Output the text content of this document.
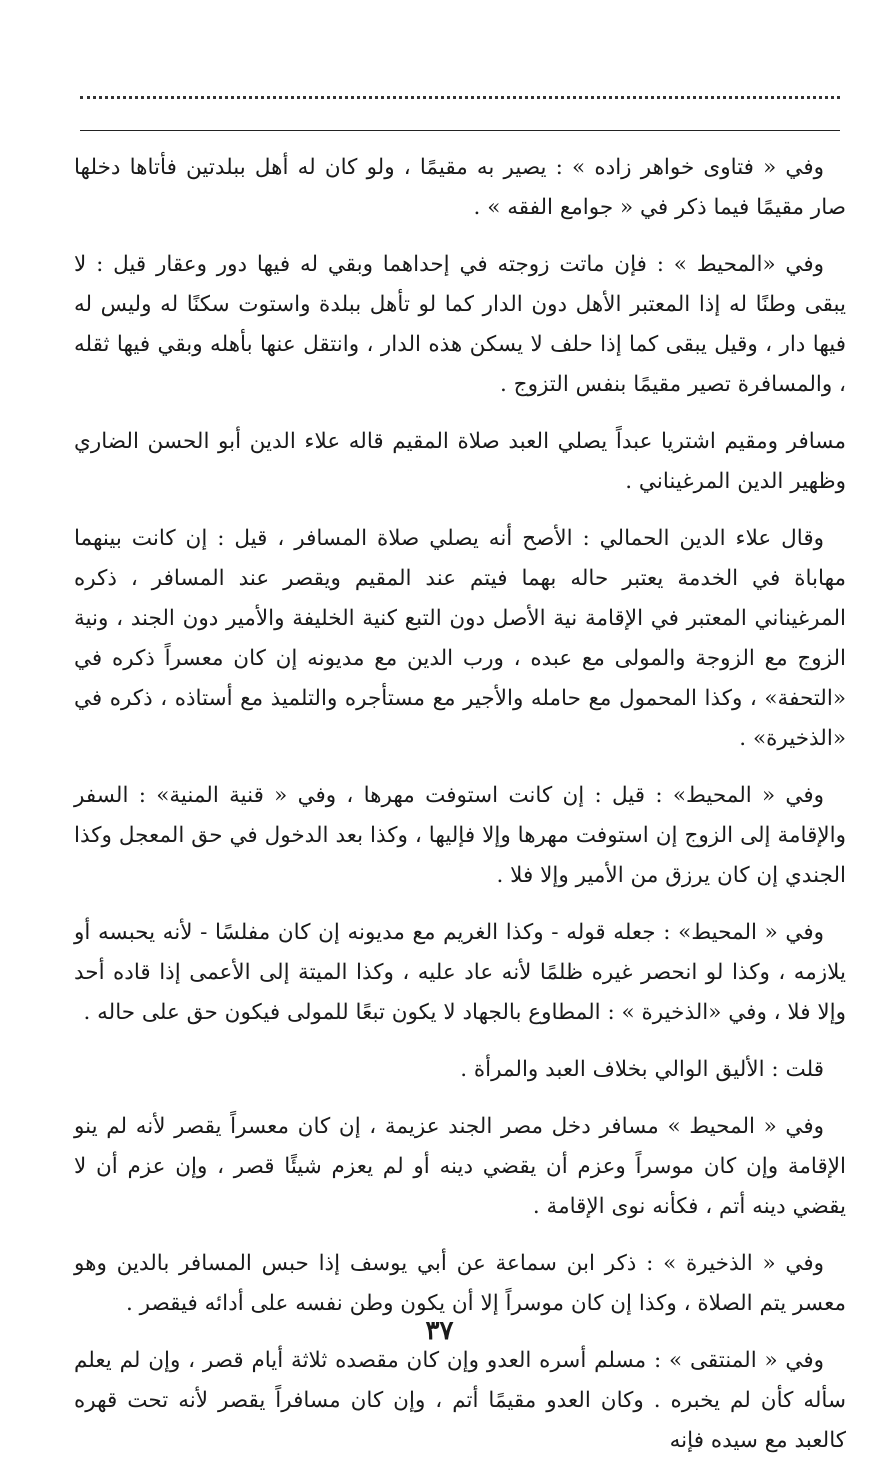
وفي « فتاوى خواهر زاده » : يصير به مقيمًا ، ولو كان له أهل ببلدتين فأتاها دخلها صار مقيمًا فيما ذكر في « جوامع الفقه » .

وفي «المحيط » : فإن ماتت زوجته في إحداهما وبقي له فيها دور وعقار قيل : لا يبقى وطنًا له إذا المعتبر الأهل دون الدار كما لو تأهل ببلدة واستوت سكنًا له وليس له فيها دار ، وقيل يبقى كما إذا حلف لا يسكن هذه الدار ، وانتقل عنها بأهله وبقي فيها ثقله ، والمسافرة تصير مقيمًا بنفس التزوج .

مسافر ومقيم اشتريا عبداً يصلي العبد صلاة المقيم قاله علاء الدين أبو الحسن الضاري وظهير الدين المرغيناني .

وقال علاء الدين الحمالي : الأصح أنه يصلي صلاة المسافر ، قيل : إن كانت بينهما مهاباة في الخدمة يعتبر حاله بهما فيتم عند المقيم ويقصر عند المسافر ، ذكره المرغيناني المعتبر في الإقامة نية الأصل دون التبع كنية الخليفة والأمير دون الجند ، ونية الزوج مع الزوجة والمولى مع عبده ، ورب الدين مع مديونه إن كان معسراً ذكره في «التحفة» ، وكذا المحمول مع حامله والأجير مع مستأجره والتلميذ مع أستاذه ، ذكره في «الذخيرة» .

وفي « المحيط» : قيل : إن كانت استوفت مهرها ، وفي « قنية المنية» : السفر والإقامة إلى الزوج إن استوفت مهرها وإلا فإليها ، وكذا بعد الدخول في حق المعجل وكذا الجندي إن كان يرزق من الأمير وإلا فلا .

وفي « المحيط» : جعله قوله - وكذا الغريم مع مديونه إن كان مفلسًا - لأنه يحبسه أو يلازمه ، وكذا لو انحصر غيره ظلمًا لأنه عاد عليه ، وكذا الميتة إلى الأعمى إذا قاده أحد وإلا فلا ، وفي «الذخيرة » : المطاوع بالجهاد لا يكون تبعًا للمولى فيكون حق على حاله .

قلت : الأليق الوالي بخلاف العبد والمرأة .

وفي « المحيط » مسافر دخل مصر الجند عزيمة ، إن كان معسراً يقصر لأنه لم ينو الإقامة وإن كان موسراً وعزم أن يقضي دينه أو لم يعزم شيئًا قصر ، وإن عزم أن لا يقضي دينه أتم ، فكأنه نوى الإقامة .

وفي « الذخيرة » : ذكر ابن سماعة عن أبي يوسف إذا حبس المسافر بالدين وهو معسر يتم الصلاة ، وكذا إن كان موسراً إلا أن يكون وطن نفسه على أدائه فيقصر .

وفي « المنتقى » : مسلم أسره العدو وإن كان مقصده ثلاثة أيام قصر ، وإن لم يعلم سأله كأن لم يخبره . وكان العدو مقيمًا أتم ، وإن كان مسافراً يقصر لأنه تحت قهره كالعبد مع سيده فإنه

٣٧
